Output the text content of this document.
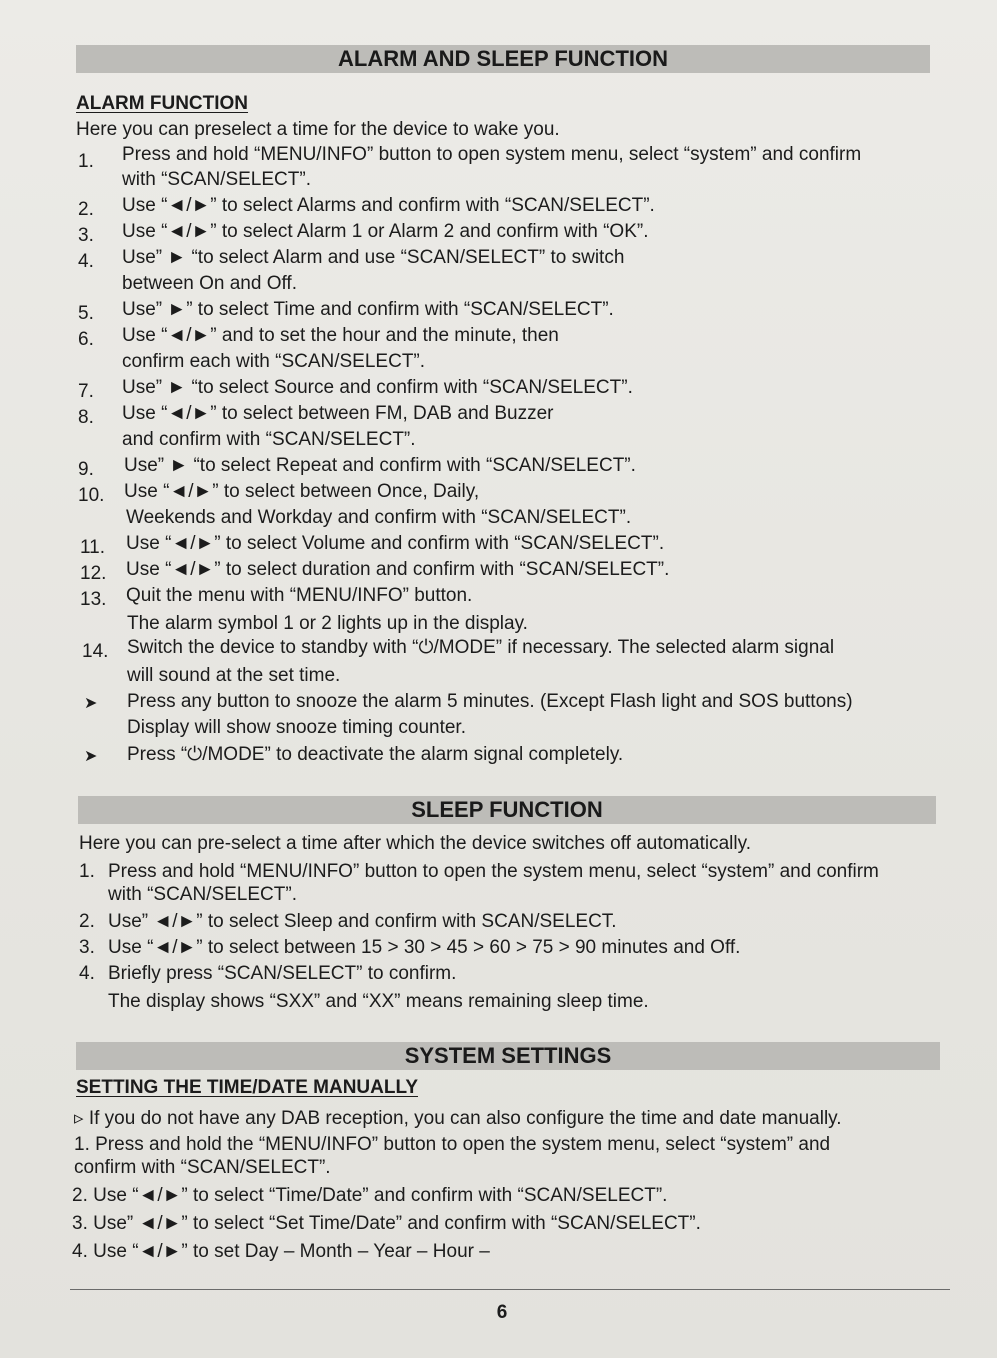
ALARM AND SLEEP FUNCTION
ALARM FUNCTION
Here you can preselect a time for the device to wake you.
1. Press and hold “MENU/INFO” button to open system menu, select “system” and confirm
with “SCAN/SELECT”.
2. Use “◄/►” to select Alarms and confirm with “SCAN/SELECT”.
3. Use “◄/►” to select Alarm 1 or Alarm 2 and confirm with “OK”.
4. Use” ► “to select Alarm and use “SCAN/SELECT” to switch
between On and Off.
5. Use” ►” to select Time and confirm with “SCAN/SELECT”.
6. Use “◄/►” and to set the hour and the minute, then
confirm each with “SCAN/SELECT”.
7. Use” ► “to select Source and confirm with “SCAN/SELECT”.
8. Use “◄/►” to select between FM, DAB and Buzzer
and confirm with “SCAN/SELECT”.
9. Use” ► “to select Repeat and confirm with “SCAN/SELECT”.
10. Use “◄/►” to select between Once, Daily,
Weekends and Workday and confirm with “SCAN/SELECT”.
11. Use “◄/►” to select Volume and confirm with “SCAN/SELECT”.
12. Use “◄/►” to select duration and confirm with “SCAN/SELECT”.
13. Quit the menu with “MENU/INFO” button.
The alarm symbol 1 or 2 lights up in the display.
14. Switch the device to standby with “⏻/MODE” if necessary. The selected alarm signal
will sound at the set time.
➤ Press any button to snooze the alarm 5 minutes. (Except Flash light and SOS buttons)
Display will show snooze timing counter.
➤ Press “⏻/MODE” to deactivate the alarm signal completely.
SLEEP FUNCTION
Here you can pre-select a time after which the device switches off automatically.
1. Press and hold “MENU/INFO” button to open the system menu, select “system” and confirm
with “SCAN/SELECT”.
2. Use” ◄/►” to select Sleep and confirm with SCAN/SELECT.
3. Use “◄/►” to select between 15 > 30 > 45 > 60 > 75 > 90 minutes and Off.
4. Briefly press “SCAN/SELECT” to confirm.
The display shows “SXX” and “XX” means remaining sleep time.
SYSTEM SETTINGS
SETTING THE TIME/DATE MANUALLY
▹ If you do not have any DAB reception, you can also configure the time and date manually.
1. Press and hold the “MENU/INFO” button to open the system menu, select “system” and
confirm with “SCAN/SELECT”.
2. Use “◄/►” to select “Time/Date” and confirm with “SCAN/SELECT”.
3. Use” ◄/►” to select “Set Time/Date” and confirm with “SCAN/SELECT”.
4. Use “◄/►” to set Day – Month – Year – Hour –
6
